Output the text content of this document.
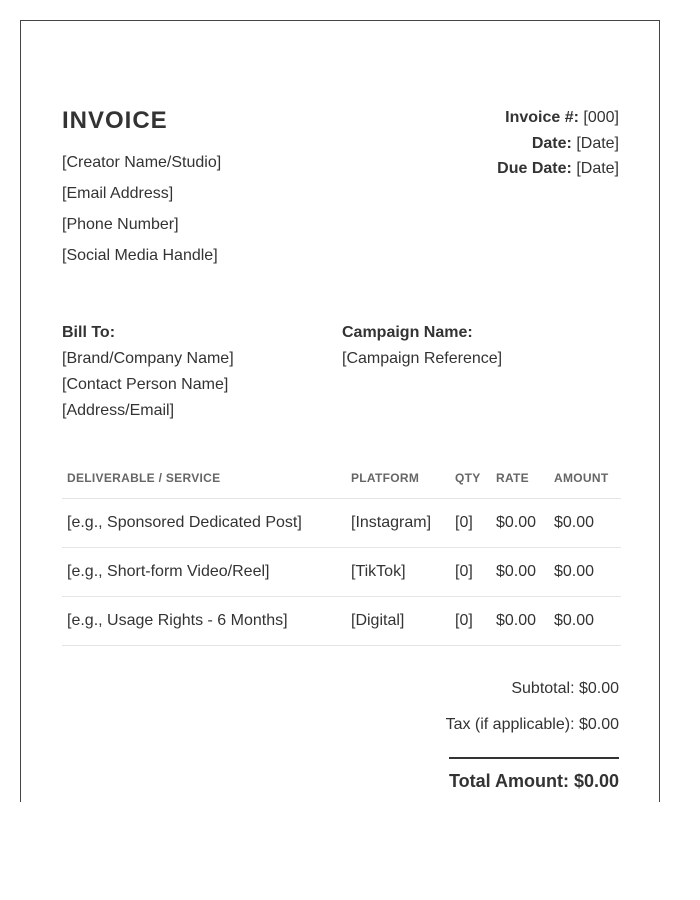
INVOICE
[Creator Name/Studio]
[Email Address]
[Phone Number]
[Social Media Handle]
Invoice #: [000]
Date: [Date]
Due Date: [Date]
Bill To:
[Brand/Company Name]
[Contact Person Name]
[Address/Email]
Campaign Name:
[Campaign Reference]
DELIVERABLE / SERVICE	PLATFORM	QTY	RATE	AMOUNT
[e.g., Sponsored Dedicated Post]	[Instagram]	[0]	$0.00	$0.00
[e.g., Short-form Video/Reel]	[TikTok]	[0]	$0.00	$0.00
[e.g., Usage Rights - 6 Months]	[Digital]	[0]	$0.00	$0.00
Subtotal: $0.00
Tax (if applicable): $0.00
Total Amount: $0.00
